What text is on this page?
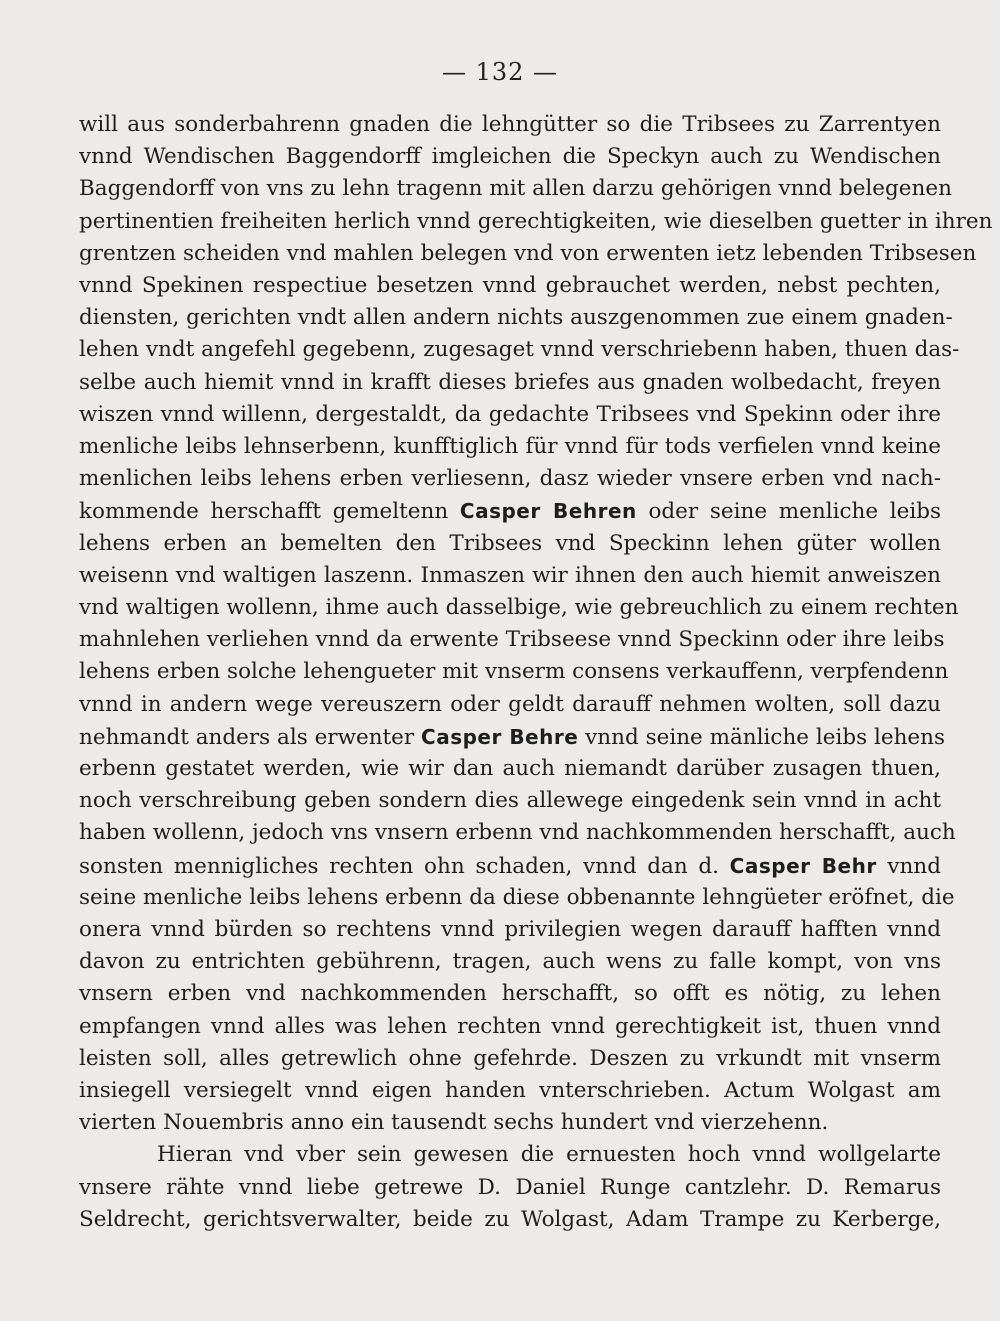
— 132 —
will aus sonderbahrenn gnaden die lehngütter so die Tribsees zu Zarrentyen
vnnd Wendischen Baggendorff imgleichen die Speckyn auch zu Wendischen
Baggendorff von vns zu lehn tragenn mit allen darzu gehörigen vnnd belegenen
pertinentien freiheiten herlich vnnd gerechtigkeiten, wie dieselben guetter in ihren
grentzen scheiden vnd mahlen belegen vnd von erwenten ietz lebenden Tribsesen
vnnd Spekinen respectiue besetzen vnnd gebrauchet werden, nebst pechten,
diensten, gerichten vndt allen andern nichts auszgenommen zue einem gnaden-
lehen vndt angefehl gegebenn, zugesaget vnnd verschriebenn haben, thuen das-
selbe auch hiemit vnnd in krafft dieses briefes aus gnaden wolbedacht, freyen
wiszen vnnd willenn, dergestaldt, da gedachte Tribsees vnd Spekinn oder ihre
menliche leibs lehnserbenn, kunfftiglich für vnnd für tods verfielen vnnd keine
menlichen leibs lehens erben verliesenn, dasz wieder vnsere erben vnd nach-
kommende herschafft gemeltenn Casper Behren oder seine menliche leibs
lehens erben an bemelten den Tribsees vnd Speckinn lehen güter wollen
weisenn vnd waltigen laszenn. Inmaszen wir ihnen den auch hiemit anweiszen
vnd waltigen wollenn, ihme auch dasselbige, wie gebreuchlich zu einem rechten
mahnlehen verliehen vnnd da erwente Tribseese vnnd Speckinn oder ihre leibs
lehens erben solche lehengueter mit vnserm consens verkauffenn, verpfendenn
vnnd in andern wege vereuszern oder geldt darauff nehmen wolten, soll dazu
nehmandt anders als erwenter Casper Behre vnnd seine mänliche leibs lehens
erbenn gestatet werden, wie wir dan auch niemandt darüber zusagen thuen,
noch verschreibung geben sondern dies allewege eingedenk sein vnnd in acht
haben wollenn, jedoch vns vnsern erbenn vnd nachkommenden herschafft, auch
sonsten mennigliches rechten ohn schaden, vnnd dan d. Casper Behr vnnd
seine menliche leibs lehens erbenn da diese obbenannte lehngüeter eröfnet, die
onera vnnd bürden so rechtens vnnd privilegien wegen darauff hafften vnnd
davon zu entrichten gebührenn, tragen, auch wens zu falle kompt, von vns
vnsern erben vnd nachkommenden herschafft, so offt es nötig, zu lehen
empfangen vnnd alles was lehen rechten vnnd gerechtigkeit ist, thuen vnnd
leisten soll, alles getrewlich ohne gefehrde. Deszen zu vrkundt mit vnserm
insiegell versiegelt vnnd eigen handen vnterschrieben. Actum Wolgast am
vierten Nouembris anno ein tausendt sechs hundert vnd vierzehenn.
Hieran vnd vber sein gewesen die ernuesten hoch vnnd wollgelarte
vnsere rähte vnnd liebe getrewe D. Daniel Runge cantzlehr. D. Remarus
Seldrecht, gerichtsverwalter, beide zu Wolgast, Adam Trampe zu Kerberge,
